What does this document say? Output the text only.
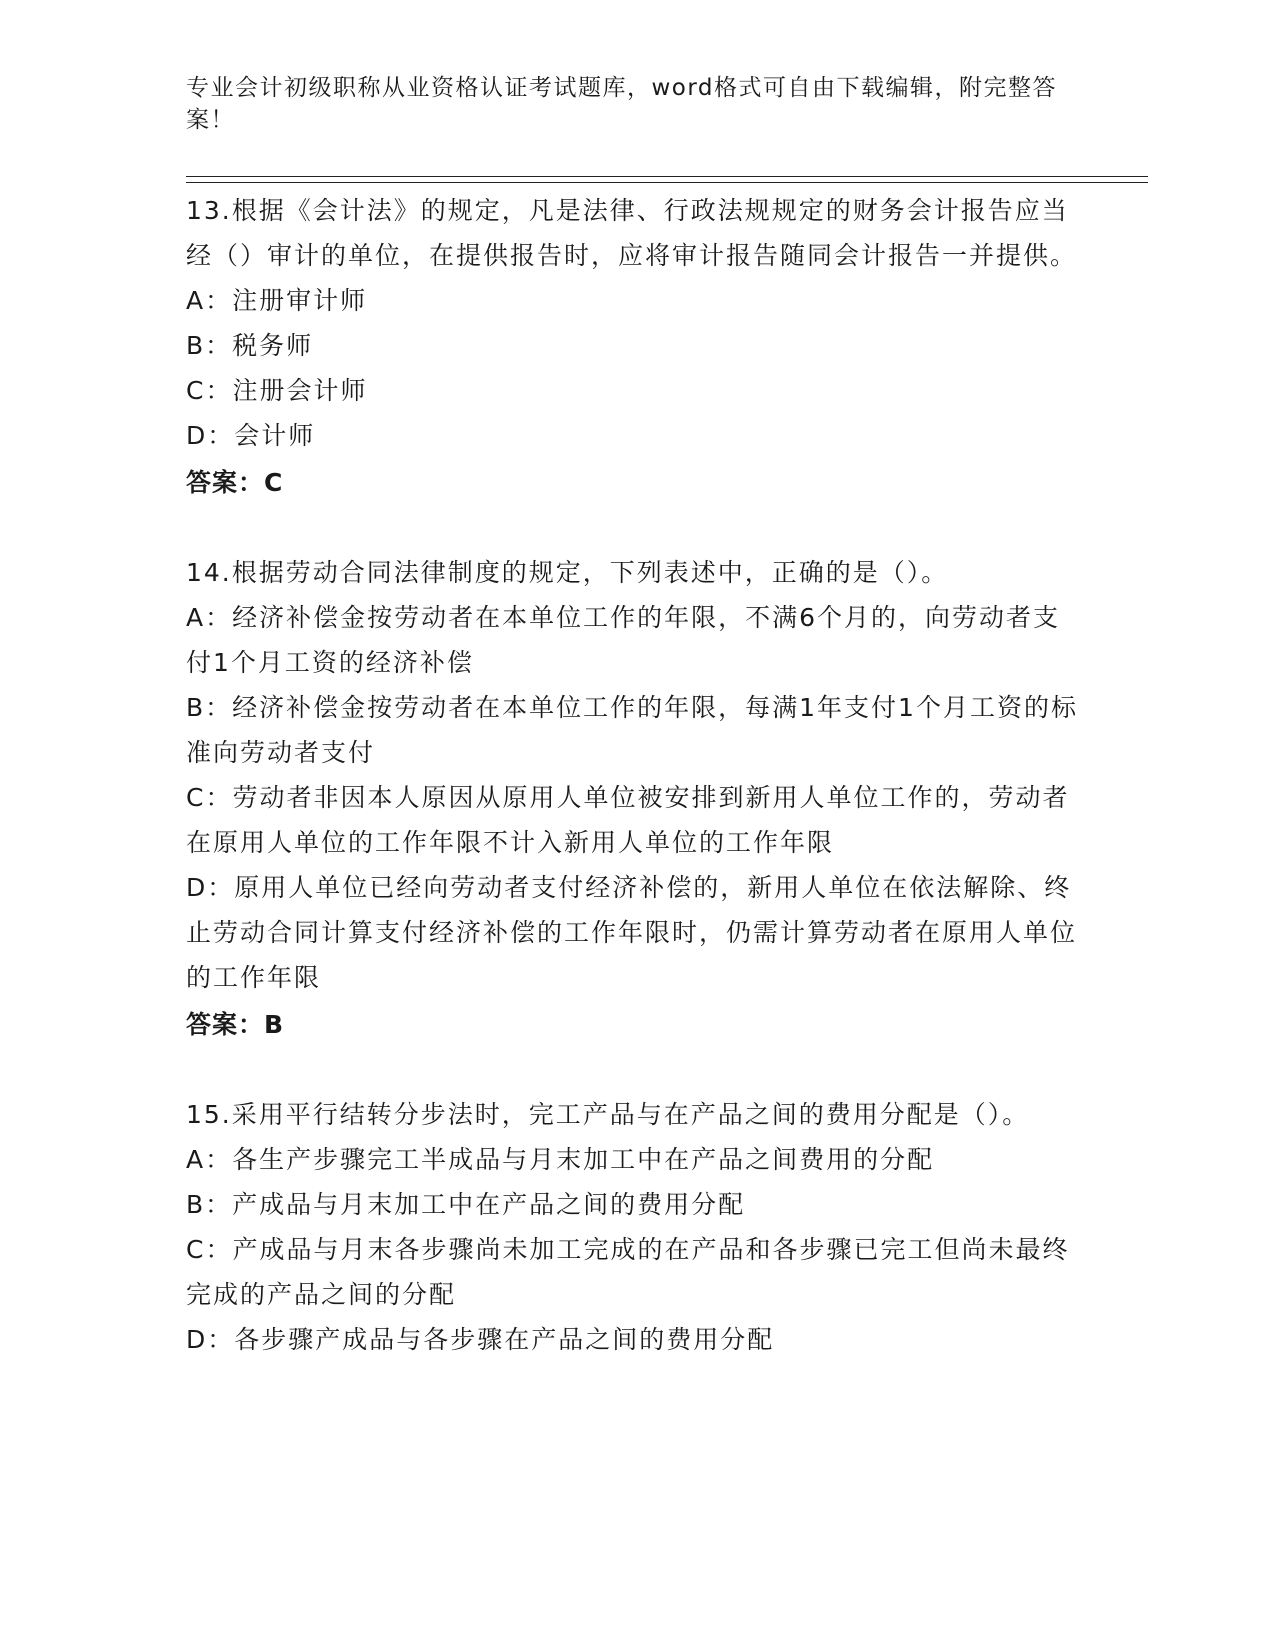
专业会计初级职称从业资格认证考试题库，word格式可自由下载编辑，附完整答案！
13.根据《会计法》的规定，凡是法律、行政法规规定的财务会计报告应当经（）审计的单位，在提供报告时，应将审计报告随同会计报告一并提供。
A：注册审计师
B：税务师
C：注册会计师
D：会计师
答案：C
14.根据劳动合同法律制度的规定，下列表述中，正确的是（）。
A：经济补偿金按劳动者在本单位工作的年限，不满6个月的，向劳动者支付1个月工资的经济补偿
B：经济补偿金按劳动者在本单位工作的年限，每满1年支付1个月工资的标准向劳动者支付
C：劳动者非因本人原因从原用人单位被安排到新用人单位工作的，劳动者在原用人单位的工作年限不计入新用人单位的工作年限
D：原用人单位已经向劳动者支付经济补偿的，新用人单位在依法解除、终止劳动合同计算支付经济补偿的工作年限时，仍需计算劳动者在原用人单位的工作年限
答案：B
15.采用平行结转分步法时，完工产品与在产品之间的费用分配是（）。
A：各生产步骤完工半成品与月末加工中在产品之间费用的分配
B：产成品与月末加工中在产品之间的费用分配
C：产成品与月末各步骤尚未加工完成的在产品和各步骤已完工但尚未最终完成的产品之间的分配
D：各步骤产成品与各步骤在产品之间的费用分配
